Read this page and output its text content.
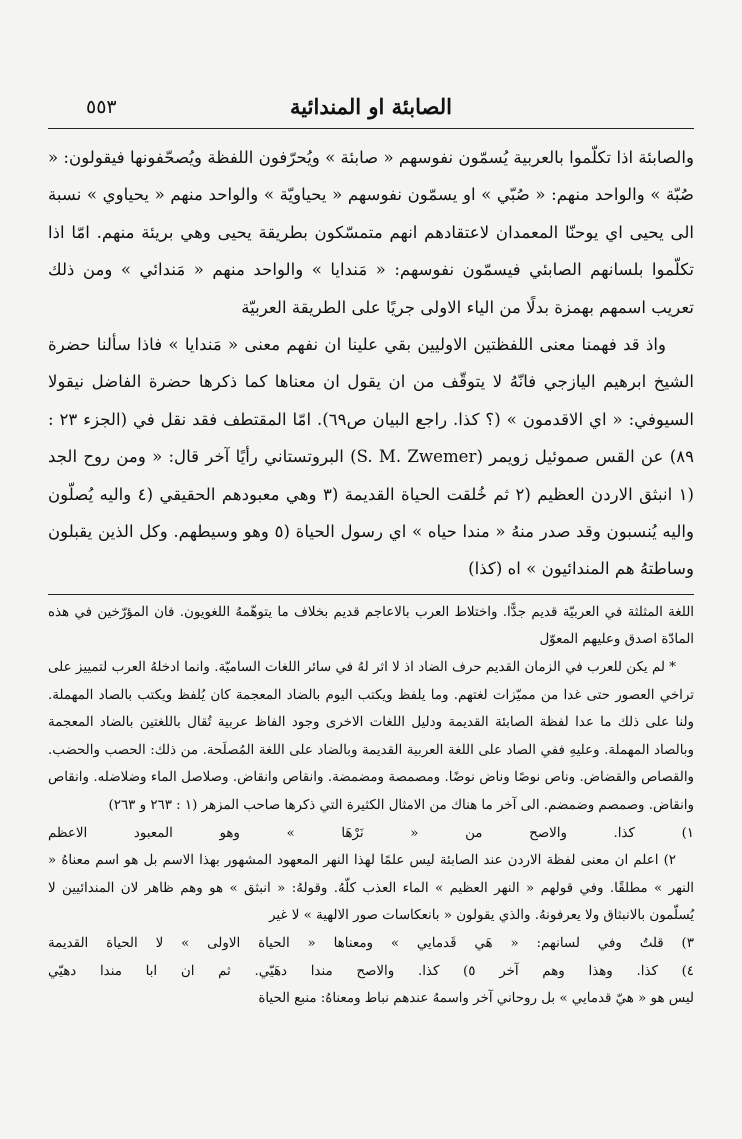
الصابئة او المندائية
٥٥٣

والصابئة اذا تكلّموا بالعربية يُسمّون نفوسهم « صابئة » ويُحرّفون اللفظة ويُصحّفونها فيقولون: « صُبّة » والواحد منهم: « صُبّي » او يسمّون نفوسهم « يحياويّة » والواحد منهم « يحياوي » نسبة الى يحيى اي يوحنّا المعمدان لاعتقادهم انهم متمسّكون بطريقة يحيى وهي بريئة منهم. امّا اذا تكلّموا بلسانهم الصابئي فيسمّون نفوسهم: « مَندايا » والواحد منهم « مَندائي » ومن ذلك تعريب اسمهم بهمزة بدلًا من الياء الاولى جريًا على الطريقة العربيّة

واذ قد فهمنا معنى اللفظتين الاوليين بقي علينا ان نفهم معنى « مَندايا » فاذا سألنا حضرة الشيخ ابرهيم اليازجي فانّهُ لا يتوقّف من ان يقول ان معناها كما ذكرها حضرة الفاضل نيقولا السيوفي: « اي الاقدمون » (؟ كذا. راجع البيان ص٦٩). امّا المقتطف فقد نقل في (الجزء ٢٣ : ٨٩) عن القس صموئيل زويمر (S. M. Zwemer) البروتستاني رأيًا آخر قال: « ومن روح الجد (١ انبثق الاردن العظيم (٢ ثم خُلقت الحياة القديمة (٣ وهي معبودهم الحقيقي (٤ واليه يُصلّون واليه يُنسبون وقد صدر منهُ « مندا حياه » اي رسول الحياة (٥ وهو وسيطهم. وكل الذين يقبلون وساطتهُ هم المندائيون » اه (كذا)

اللغة المثلثة في العربيّة قديم جدًّا. واختلاط العرب بالاعاجم قديم بخلاف ما يتوهّمهُ اللغويون. فان المؤرّخين في هذه المادّة اصدق وعليهم المعوّل

* لم يكن للعرب في الزمان القديم حرف الضاد اذ لا اثر لهُ في سائر اللغات الساميّة. وانما ادخلهُ العرب لتمييز على تراخي العصور حتى غدا من مميّزات لغتهم. وما يلفظ ويكتب اليوم بالضاد المعجمة كان يُلفظ ويكتب بالصاد المهملة. ولنا على ذلك ما عدا لفظة الصابئة القديمة ودليل اللغات الاخرى وجود الفاظ عربية تُقال باللغتين بالضاد المعجمة وبالصاد المهملة. وعليهِ ففي الصاد على اللغة العربية القديمة وبالضاد على اللغة المُصلَحة. من ذلك: الحصب والحضب. والقصاص والقضاض. وناص نوصًا وناض نوضًا. ومصمصة ومضمضة. وانقاص وانقاض. وصلاصل الماء وضلاضله. وانقاص وانقاض. وصمصم وضمضم. الى آخر ما هناك من الامثال الكثيرة التي ذكرها صاحب المزهر (١ : ٢٦٣ و ٢٦٣)

١) كذا. والاصح من « نَرْهَا » وهو المعبود الاعظم

٢) اعلم ان معنى لفظة الاردن عند الصابئة ليس علمًا لهذا النهر المعهود المشهور بهذا الاسم بل هو اسم معناهُ « النهر » مطلقًا. وفي قولهم « النهر العظيم » الماء العذب كلّهُ. وقولهُ: « انبثق » هو وهم ظاهر لان المندائيين لا يُسلّمون بالانبثاق ولا يعرفونهُ. والذي يقولون « بانعكاسات صور الالهية » لا غير

٣) قلتُ وفي لسانهم: « هَي قَدمايي » ومعناها « الحياة الاولى » لا الحياة القديمة

٤) كذا. وهذا وهم آخر ٥) كذا. والاصح مندا دهَيّي. ثم ان ابا مندا دهيّي

ليس هو « هيّ قدمايي » بل روحاني آخر واسمهُ عندهم نباط ومعناهُ: منبع الحياة
